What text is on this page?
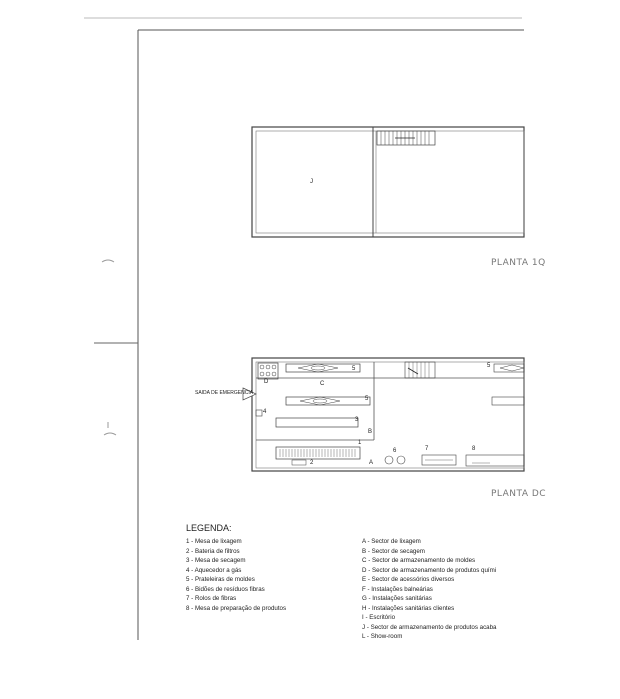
J
PLANTA 1Q
PLANTA DC
SAIDA DE EMERGENCIA
D	C
B
A
5
5
5
4
3
1
2
6	7	8
LEGENDA:
1 - Mesa de lixagem
2 - Bateria de filtros
3 - Mesa de secagem
4 - Aquecedor a gás
5 - Prateleiras de moldes
6 - Bidões de resíduos fibras
7 - Rolos de fibras
8 - Mesa de preparação de produtos
A - Sector de lixagem
B - Sector de secagem
C - Sector de armazenamento de moldes
D - Sector de armazenamento de produtos quími
E - Sector de acessórios diversos
F - Instalações balneárias
G - Instalações sanitárias
H - Instalações sanitárias clientes
I - Escritório
J - Sector de armazenamento de produtos acaba
L - Show-room
